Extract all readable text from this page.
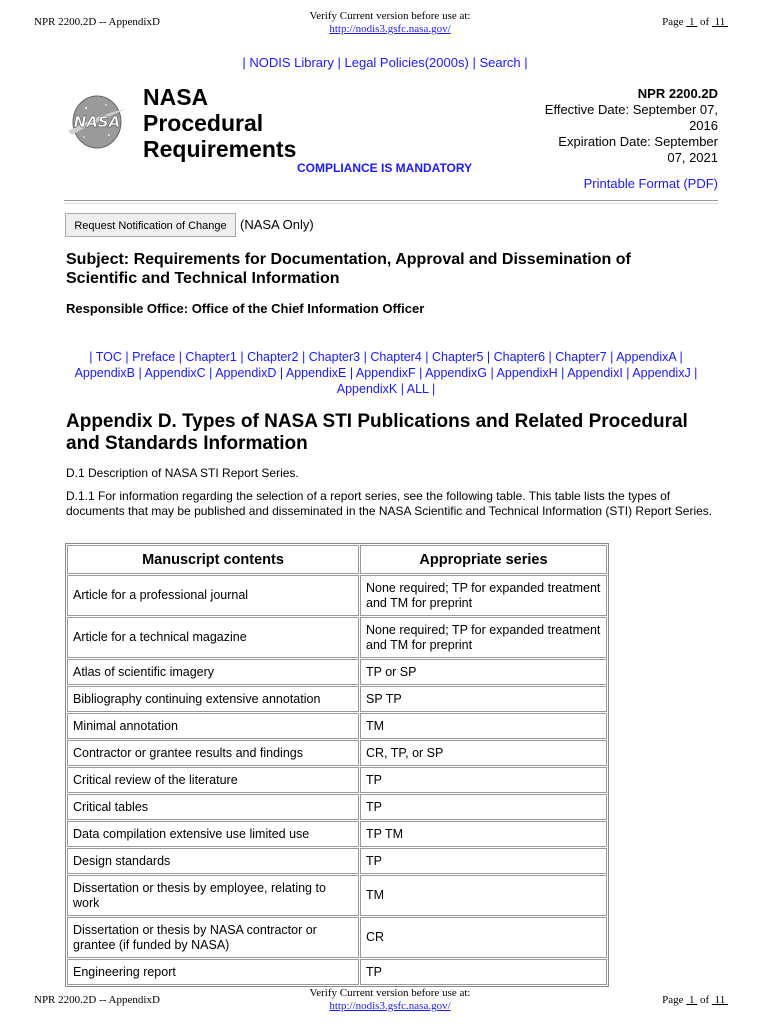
NPR 2200.2D -- AppendixD	Verify Current version before use at:
http://nodis3.gsfc.nasa.gov/
Page 1 of 11
| NODIS Library | Legal Policies(2000s) | Search |
NASA
NASA
Procedural
Requirements
COMPLIANCE IS MANDATORY
NPR 2200.2D
Effective Date: September 07,
2016
Expiration Date: September
07, 2021
Printable Format (PDF)
Request Notification of Change	(NASA Only)
Subject: Requirements for Documentation, Approval and Dissemination of Scientific and Technical Information
Responsible Office: Office of the Chief Information Officer
| TOC | Preface | Chapter1 | Chapter2 | Chapter3 | Chapter4 | Chapter5 | Chapter6 | Chapter7 | AppendixA |
AppendixB | AppendixC | AppendixD | AppendixE | AppendixF | AppendixG | AppendixH | AppendixI | AppendixJ |
AppendixK | ALL |
Appendix D. Types of NASA STI Publications and Related Procedural and Standards Information
D.1 Description of NASA STI Report Series.
D.1.1 For information regarding the selection of a report series, see the following table. This table lists the types of documents that may be published and disseminated in the NASA Scientific and Technical Information (STI) Report Series.
Manuscript contents	Appropriate series
Article for a professional journal	None required; TP for expanded treatment and TM for preprint
Article for a technical magazine	None required; TP for expanded treatment and TM for preprint
Atlas of scientific imagery	TP or SP
Bibliography continuing extensive annotation	SP TP
Minimal annotation	TM
Contractor or grantee results and findings	CR, TP, or SP
Critical review of the literature	TP
Critical tables	TP
Data compilation extensive use limited use	TP TM
Design standards	TP
Dissertation or thesis by employee, relating to work	TM
Dissertation or thesis by NASA contractor or grantee (if funded by NASA)	CR
Engineering report	TP
NPR 2200.2D -- AppendixD
Verify Current version before use at:
http://nodis3.gsfc.nasa.gov/	Page 1 of 11
